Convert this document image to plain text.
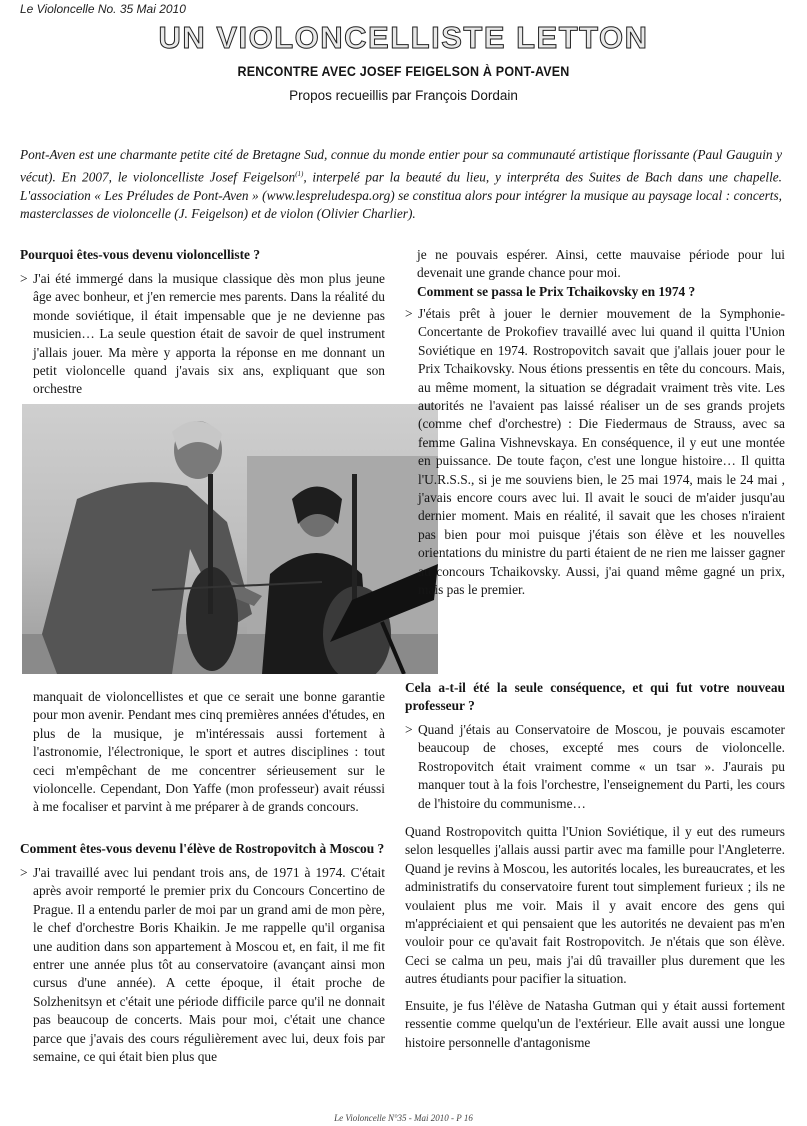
Le Violoncelle No. 35 Mai 2010
UN VIOLONCELLISTE LETTON
RENCONTRE AVEC JOSEF FEIGELSON À PONT-AVEN
Propos recueillis par François Dordain

Pont-Aven est une charmante petite cité de Bretagne Sud, connue du monde entier pour sa communauté artistique florissante (Paul Gauguin y vécut). En 2007, le violoncelliste Josef Feigelson$^{(1)}$, interpelé par la beauté du lieu, y interpréta des Suites de Bach dans une chapelle. L'association « Les Préludes de Pont-Aven » (www.lespreludespa.org) se constitua alors pour intégrer la musique au paysage local : concerts, masterclasses de violoncelle (J. Feigelson) et de violon (Olivier Charlier).

Pourquoi êtes-vous devenu violoncelliste ?

> J'ai été immergé dans la musique classique dès mon plus jeune âge avec bonheur, et j'en remercie mes parents. Dans la réalité du monde soviétique, il était impensable que je ne devienne pas musicien… La seule question était de savoir de quel instrument j'allais jouer. Ma mère y apporta la réponse en me donnant un petit violoncelle quand j'avais six ans, expliquant que son orchestre

manquait de violoncellistes et que ce serait une bonne garantie pour mon avenir. Pendant mes cinq premières années d'études, en plus de la musique, je m'intéressais aussi fortement à l'astronomie, l'électronique, le sport et autres disciplines : tout ceci m'empêchant de me concentrer sérieusement sur le violoncelle. Cependant, Don Yaffe (mon professeur) avait réussi à me focaliser et parvint à me préparer à de grands concours.

Comment êtes-vous devenu l'élève de Rostropovitch à Moscou ?

> J'ai travaillé avec lui pendant trois ans, de 1971 à 1974. C'était après avoir remporté le premier prix du Concours Concertino de Prague. Il a entendu parler de moi par un grand ami de mon père, le chef d'orchestre Boris Khaikin. Je me rappelle qu'il organisa une audition dans son appartement à Moscou et, en fait, il me fit entrer une année plus tôt au conservatoire (avançant ainsi mon cursus d'une année). A cette époque, il était proche de Solzhenitsyn et c'était une période difficile parce qu'il ne donnait pas beaucoup de concerts. Mais pour moi, c'était une chance parce que j'avais des cours régulièrement avec lui, deux fois par semaine, ce qui était bien plus que

je ne pouvais espérer. Ainsi, cette mauvaise période pour lui devenait une grande chance pour moi.

Comment se passa le Prix Tchaikovsky en 1974 ?

> J'étais prêt à jouer le dernier mouvement de la Symphonie-Concertante de Prokofiev travaillé avec lui quand il quitta l'Union Soviétique en 1974. Rostropovitch savait que j'allais jouer pour le Prix Tchaikovsky. Nous étions pressentis en tête du concours. Mais, au même moment, la situation se dégradait vraiment très vite. Les autorités ne l'avaient pas laissé réaliser un de ses grands projets (comme chef d'orchestre) : Die Fiedermaus de Strauss, avec sa femme Galina Vishnevskaya. En conséquence, il y eut une montée en puissance. De toute façon, c'est une longue histoire… Il quitta l'U.R.S.S., si je me souviens bien, le 25 mai 1974, mais le 24 mai , j'avais encore cours avec lui. Il avait le souci de m'aider jusqu'au dernier moment. Mais en réalité, il savait que les choses n'iraient pas bien pour moi puisque j'étais son élève et les nouvelles orientations du ministre du parti étaient de ne rien me laisser gagner au concours Tchaikovsky. Aussi, j'ai quand même gagné un prix, mais pas le premier.

Cela a-t-il été la seule conséquence, et qui fut votre nouveau professeur ?

> Quand j'étais au Conservatoire de Moscou, je pouvais escamoter beaucoup de choses, excepté mes cours de violoncelle. Rostropovitch était vraiment comme « un tsar ». J'aurais pu manquer tout à la fois l'orchestre, l'enseignement du Parti, les cours de l'histoire du communisme…

Quand Rostropovitch quitta l'Union Soviétique, il y eut des rumeurs selon lesquelles j'allais aussi partir avec ma famille pour l'Angleterre. Quand je revins à Moscou, les autorités locales, les bureaucrates, et les administratifs du conservatoire furent tout simplement furieux ; ils ne voulaient plus me voir. Mais il y avait encore des gens qui m'appréciaient et qui pensaient que les autorités ne devaient pas m'en vouloir pour ce qu'avait fait Rostropovitch. Je n'étais que son élève. Ceci se calma un peu, mais j'ai dû travailler plus durement que les autres étudiants pour pacifier la situation.

Ensuite, je fus l'élève de Natasha Gutman qui y était aussi fortement ressentie comme quelqu'un de l'extérieur. Elle avait aussi une longue histoire personnelle d'antagonisme

Le Violoncelle N°35 - Mai 2010 - P 16
